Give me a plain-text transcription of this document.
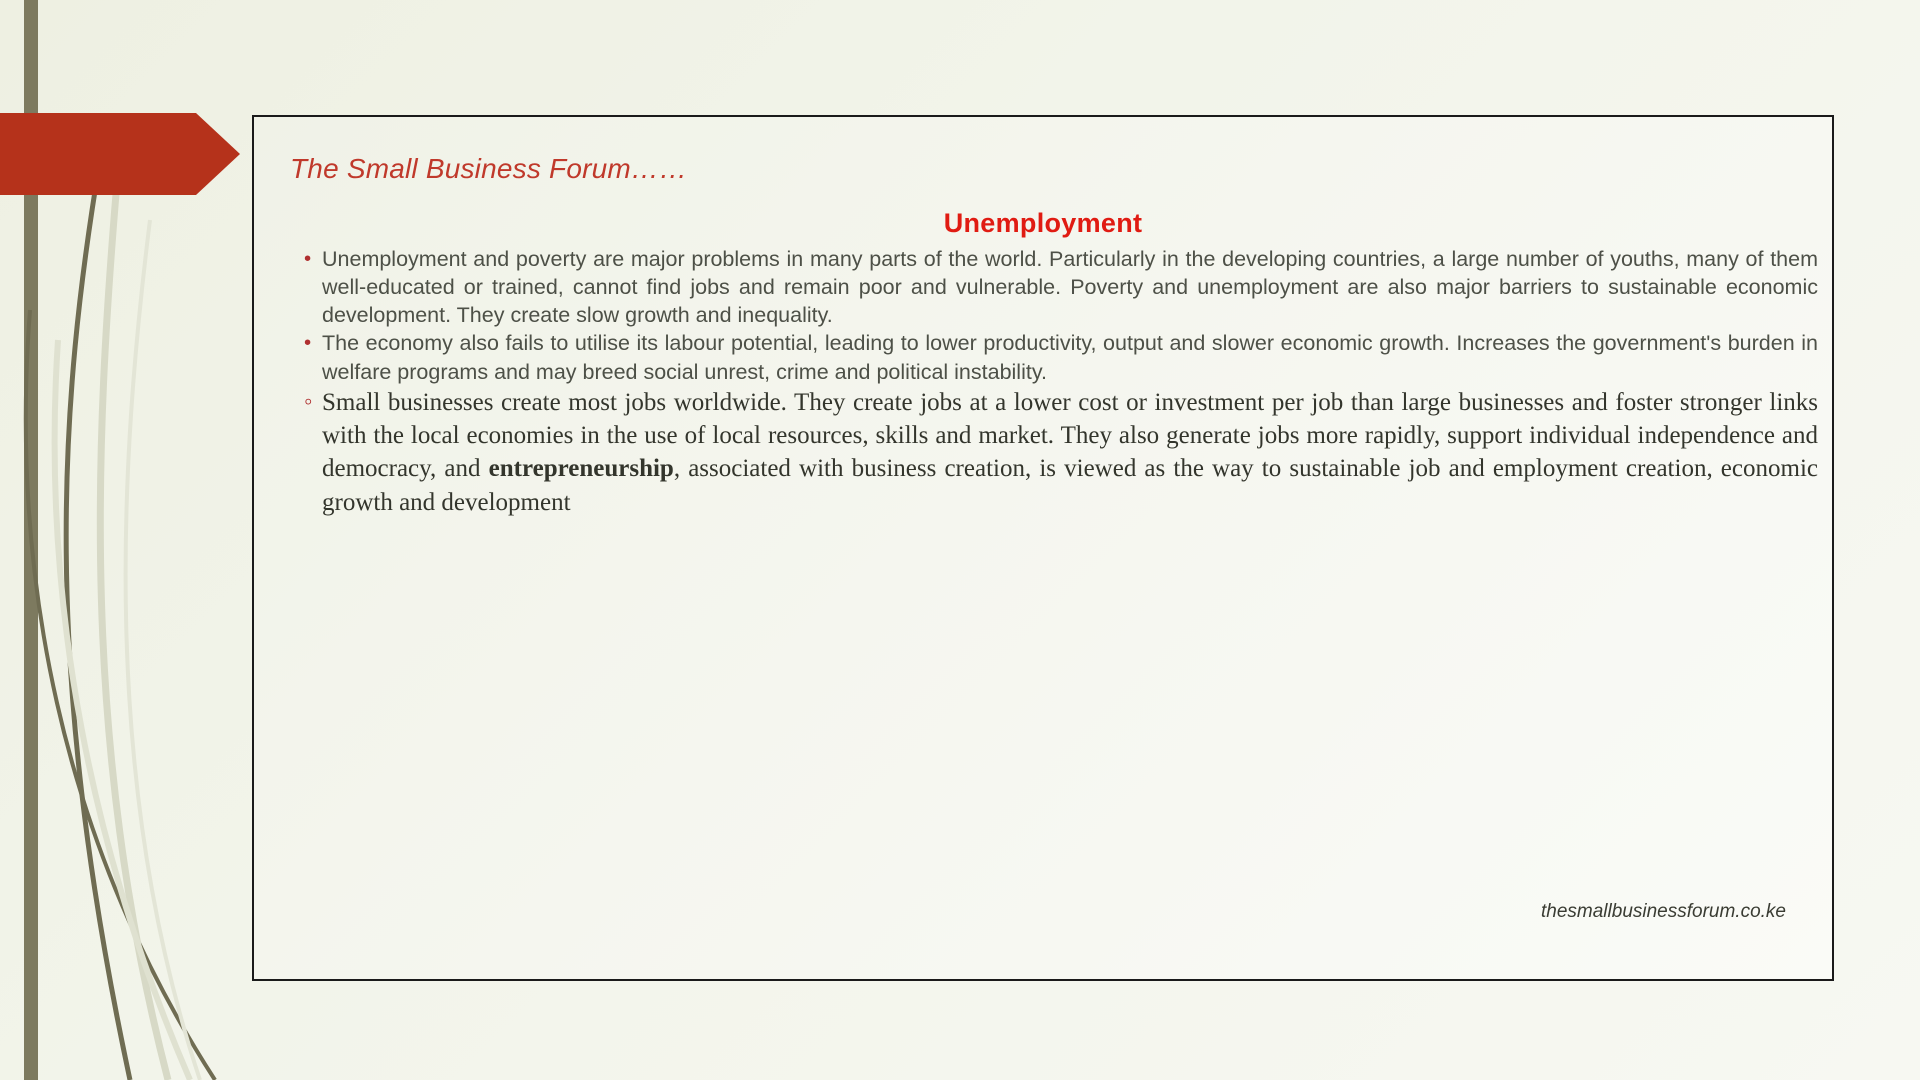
The Small Business Forum……
Unemployment
• Unemployment and poverty are major problems in many parts of the world. Particularly in the developing countries, a large number of youths, many of them well-educated or trained, cannot find jobs and remain poor and vulnerable. Poverty and unemployment are also major barriers to sustainable economic development. They create slow growth and inequality.
• The economy also fails to utilise its labour potential, leading to lower productivity, output and slower economic growth. Increases the government's burden in welfare programs and may breed social unrest, crime and political instability.
◦ Small businesses create most jobs worldwide. They create jobs at a lower cost or investment per job than large businesses and foster stronger links with the local economies in the use of local resources, skills and market. They also generate jobs more rapidly, support individual independence and democracy, and entrepreneurship, associated with business creation, is viewed as the way to sustainable job and employment creation, economic growth and development
thesmallbusinessforum.co.ke
